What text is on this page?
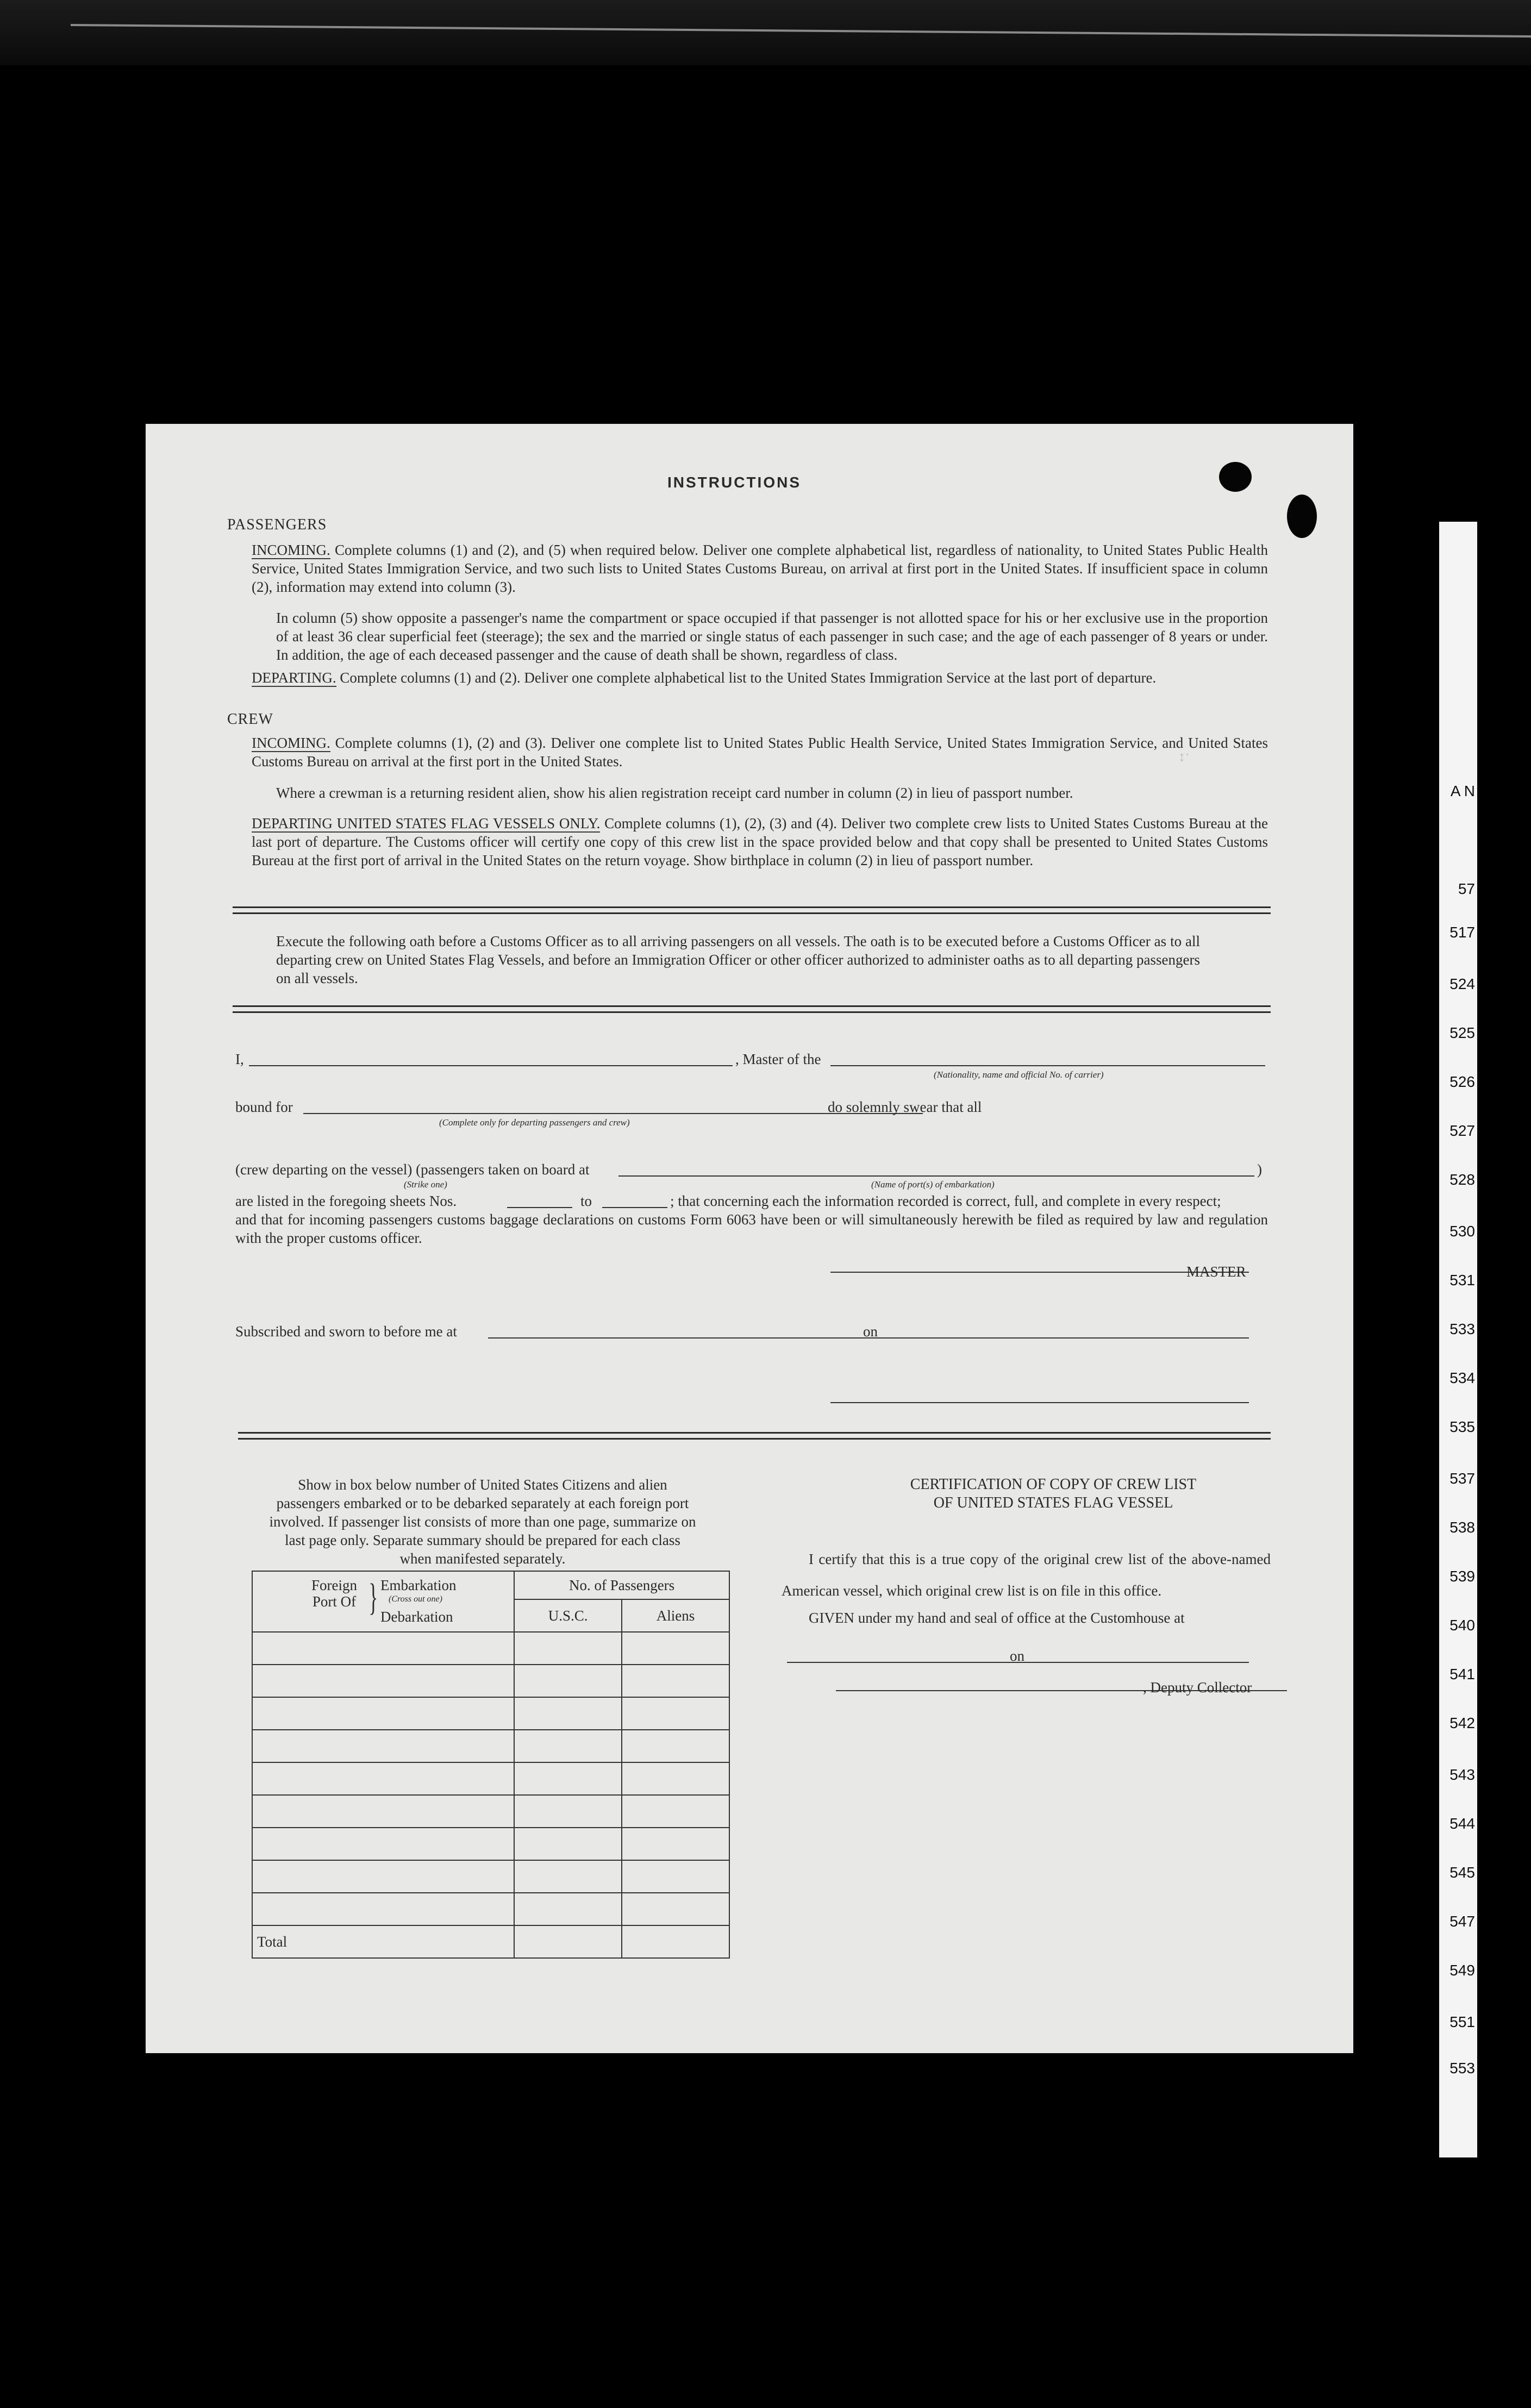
A N
57
517
524
525
526
527
528
530
531
533
534
535
537
538
539
540
541
542
543
544
545
547
549
551
553
.↕
INSTRUCTIONS
PASSENGERS
INCOMING. Complete columns (1) and (2), and (5) when required below. Deliver one complete alphabetical list, regardless of nationality, to United States Public Health Service, United States Immigration Service, and two such lists to United States Customs Bureau, on arrival at first port in the United States. If insufficient space in column (2), information may extend into column (3).
In column (5) show opposite a passenger's name the compartment or space occupied if that passenger is not allotted space for his or her exclusive use in the proportion of at least 36 clear superficial feet (steerage); the sex and the married or single status of each passenger in such case; and the age of each passenger of 8 years or under. In addition, the age of each deceased passenger and the cause of death shall be shown, regardless of class.
DEPARTING. Complete columns (1) and (2). Deliver one complete alphabetical list to the United States Immigration Service at the last port of departure.
CREW
INCOMING. Complete columns (1), (2) and (3). Deliver one complete list to United States Public Health Service, United States Immigration Service, and United States Customs Bureau on arrival at the first port in the United States.
Where a crewman is a returning resident alien, show his alien registration receipt card number in column (2) in lieu of passport number.
DEPARTING UNITED STATES FLAG VESSELS ONLY. Complete columns (1), (2), (3) and (4). Deliver two complete crew lists to United States Customs Bureau at the last port of departure. The Customs officer will certify one copy of this crew list in the space provided below and that copy shall be presented to United States Customs Bureau at the first port of arrival in the United States on the return voyage. Show birthplace in column (2) in lieu of passport number.
Execute the following oath before a Customs Officer as to all arriving passengers on all vessels. The oath is to be executed before a Customs Officer as to all departing crew on United States Flag Vessels, and before an Immigration Officer or other officer authorized to administer oaths as to all departing passengers on all vessels.
I,	, Master of the
(Nationality, name and official No. of carrier)
bound for	do solemnly swear that all
(Complete only for departing passengers and crew)
(crew departing on the vessel) (passengers taken on board at	)
(Strike one)	(Name of port(s) of embarkation)
are listed in the foregoing sheets Nos.	to	; that concerning each the information recorded is correct, full, and complete in every respect;
and that for incoming passengers customs baggage declarations on customs Form 6063 have been or will simultaneously herewith be filed as required by law and regulation with the proper customs officer.
MASTER
Subscribed and sworn to before me at	on
Show in box below number of United States Citizens and alien passengers embarked or to be debarked separately at each foreign port involved. If passenger list consists of more than one page, summarize on last page only. Separate summary should be prepared for each class when manifested separately.
Foreign Port Of } Embarkation
(Cross out one)
Debarkation	No. of Passengers	
	U.S.C.	Aliens

Total		
CERTIFICATION OF COPY OF CREW LIST
OF UNITED STATES FLAG VESSEL
I certify that this is a true copy of the original crew list of the above-named American vessel, which original crew list is on file in this office.
GIVEN under my hand and seal of office at the Customhouse at
on
, Deputy Collector
